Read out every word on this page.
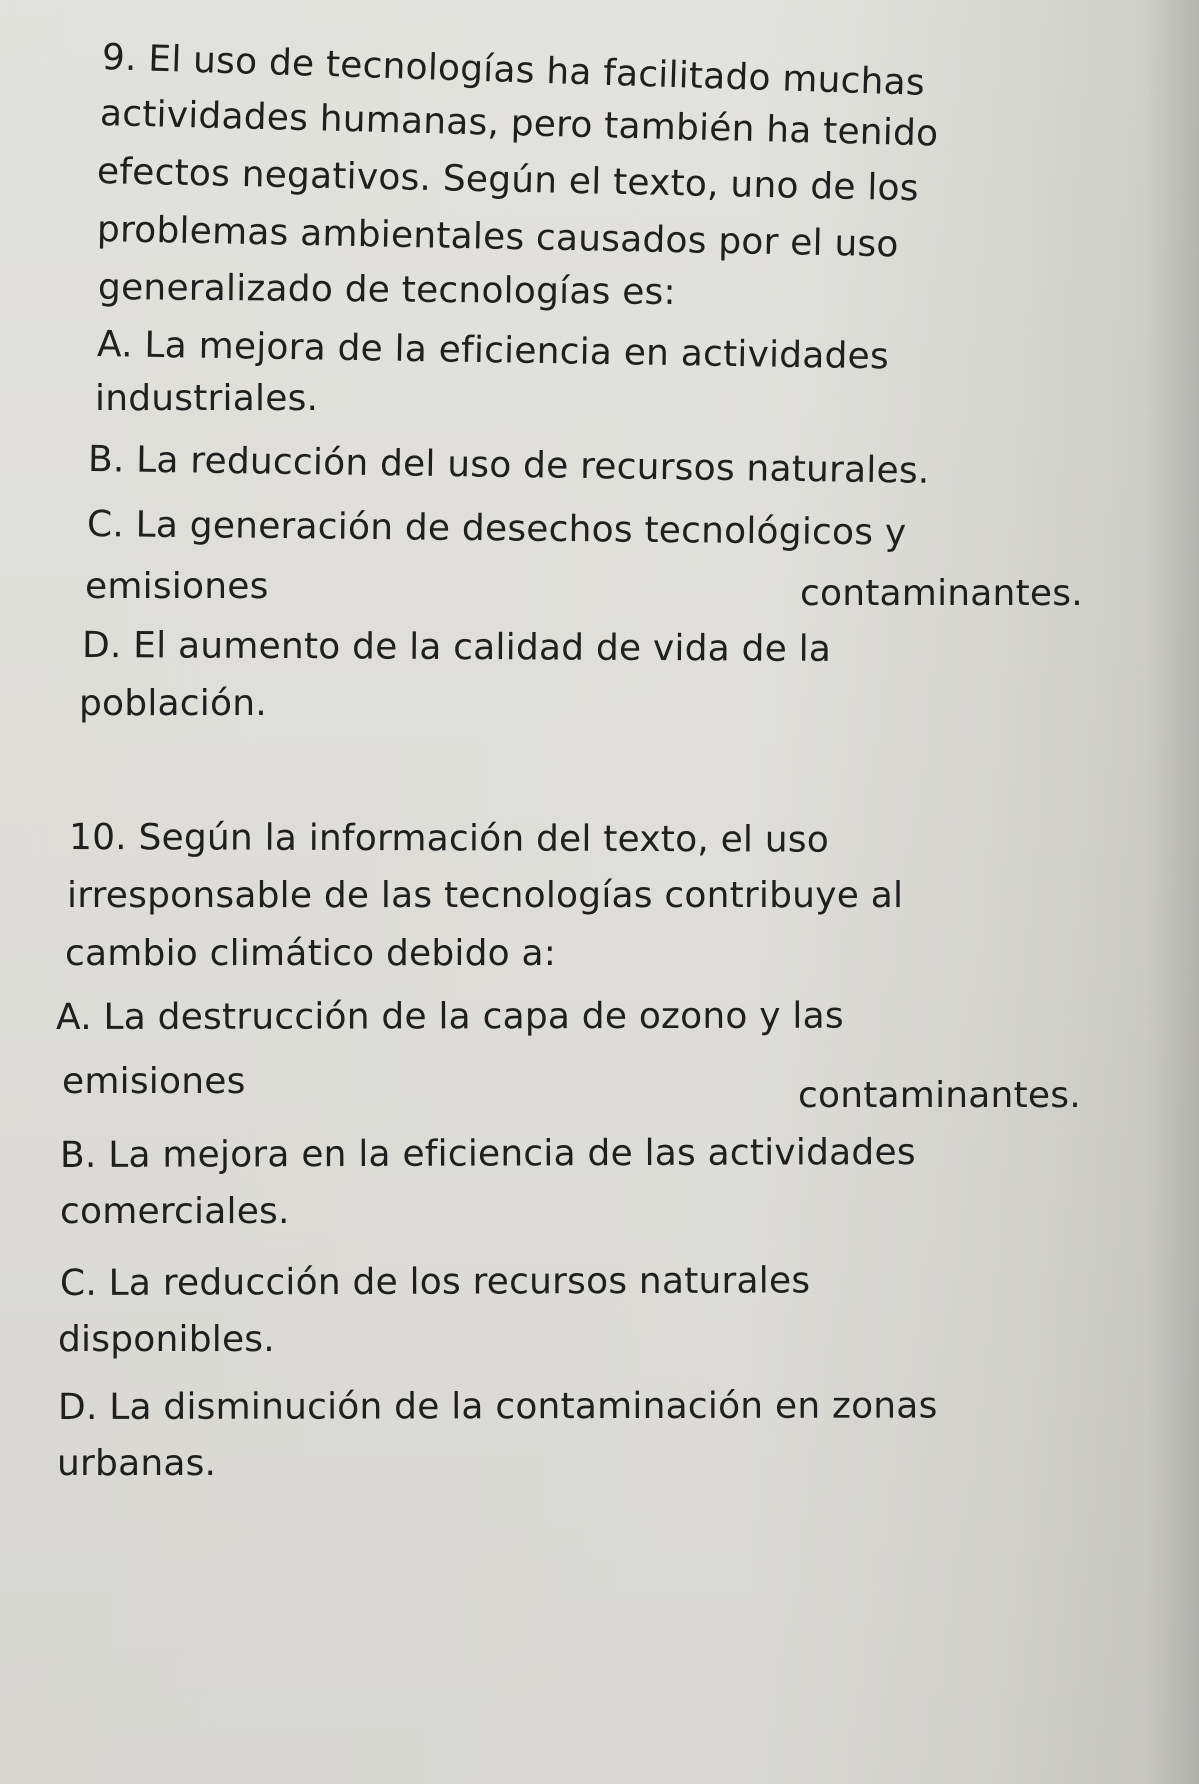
9. El uso de tecnologías ha facilitado muchas
actividades humanas, pero también ha tenido
efectos negativos. Según el texto, uno de los
problemas ambientales causados por el uso
generalizado de tecnologías es:
A. La mejora de la eficiencia en actividades
industriales.
B. La reducción del uso de recursos naturales.
C. La generación de desechos tecnológicos y
emisiones	contaminantes.
D. El aumento de la calidad de vida de la
población.
10. Según la información del texto, el uso
irresponsable de las tecnologías contribuye al
cambio climático debido a:
A. La destrucción de la capa de ozono y las
emisiones	contaminantes.
B. La mejora en la eficiencia de las actividades
comerciales.
C. La reducción de los recursos naturales
disponibles.
D. La disminución de la contaminación en zonas
urbanas.
